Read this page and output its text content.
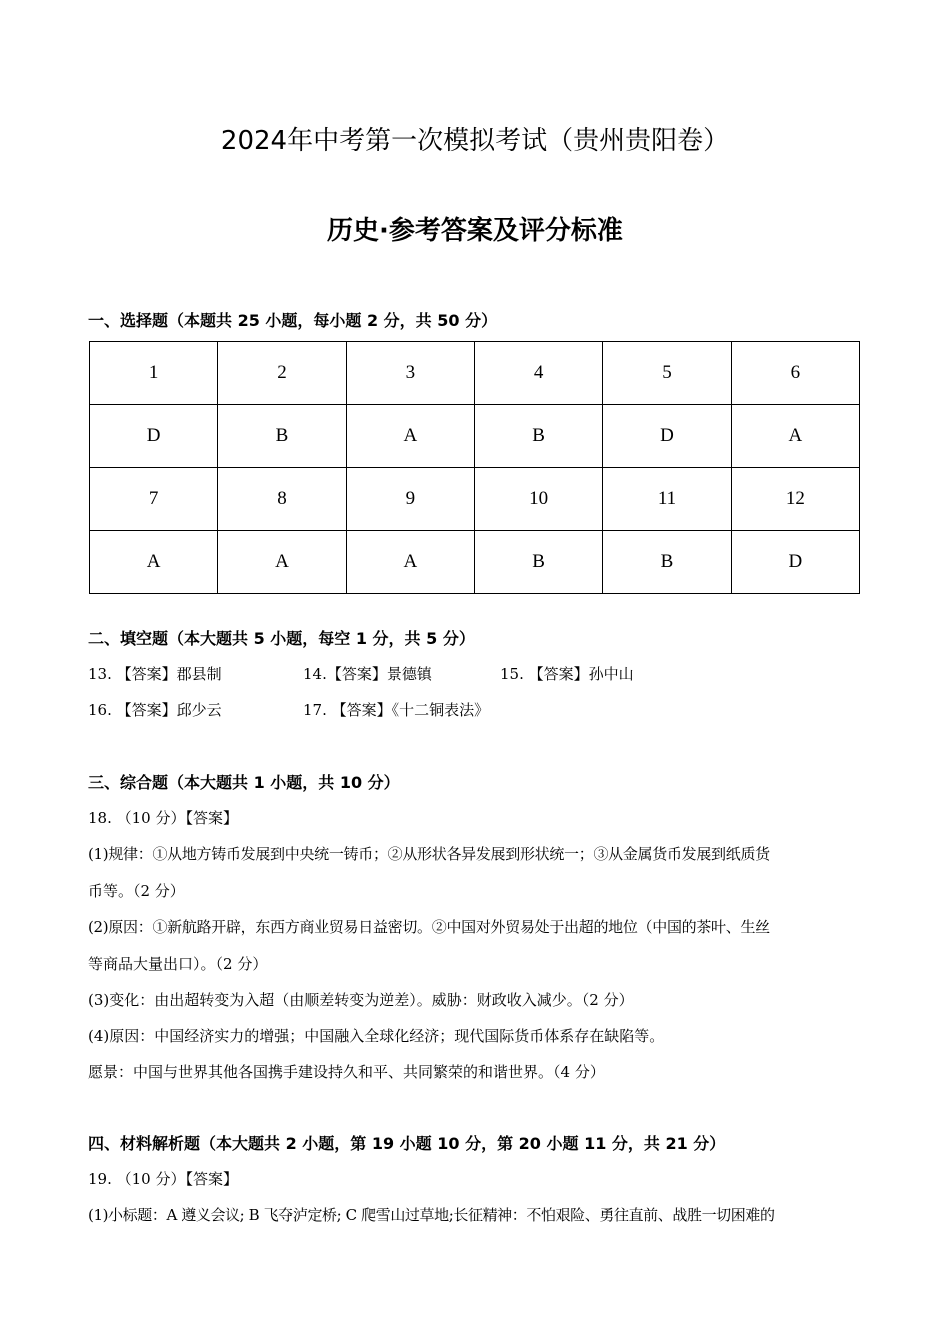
2024年中考第一次模拟考试（贵州贵阳卷）
历史·参考答案及评分标准
一、选择题（本题共 25 小题，每小题 2 分，共 50 分）
1	2	3	4	5	6
D	B	A	B	D	A
7	8	9	10	11	12
A	A	A	B	B	D
二、填空题（本大题共 5 小题，每空 1 分，共 5 分）
13. 【答案】郡县制	14.【答案】景德镇	15. 【答案】孙中山
16. 【答案】邱少云	17. 【答案】《十二铜表法》
三、综合题（本大题共 1 小题，共 10 分）
18. （10 分）【答案】
(1)规律：①从地方铸币发展到中央统一铸币；②从形状各异发展到形状统一；③从金属货币发展到纸质货
币等。（2 分）
(2)原因：①新航路开辟，东西方商业贸易日益密切。②中国对外贸易处于出超的地位（中国的茶叶、生丝
等商品大量出口）。（2 分）
(3)变化：由出超转变为入超（由顺差转变为逆差）。威胁：财政收入减少。（2 分）
(4)原因：中国经济实力的增强；中国融入全球化经济；现代国际货币体系存在缺陷等。
愿景：中国与世界其他各国携手建设持久和平、共同繁荣的和谐世界。（4 分）
四、材料解析题（本大题共 2 小题，第 19 小题 10 分，第 20 小题 11 分，共 21 分）
19. （10 分）【答案】
(1)小标题：A 遵义会议; B 飞夺泸定桥; C 爬雪山过草地;长征精神：不怕艰险、勇往直前、战胜一切困难的
